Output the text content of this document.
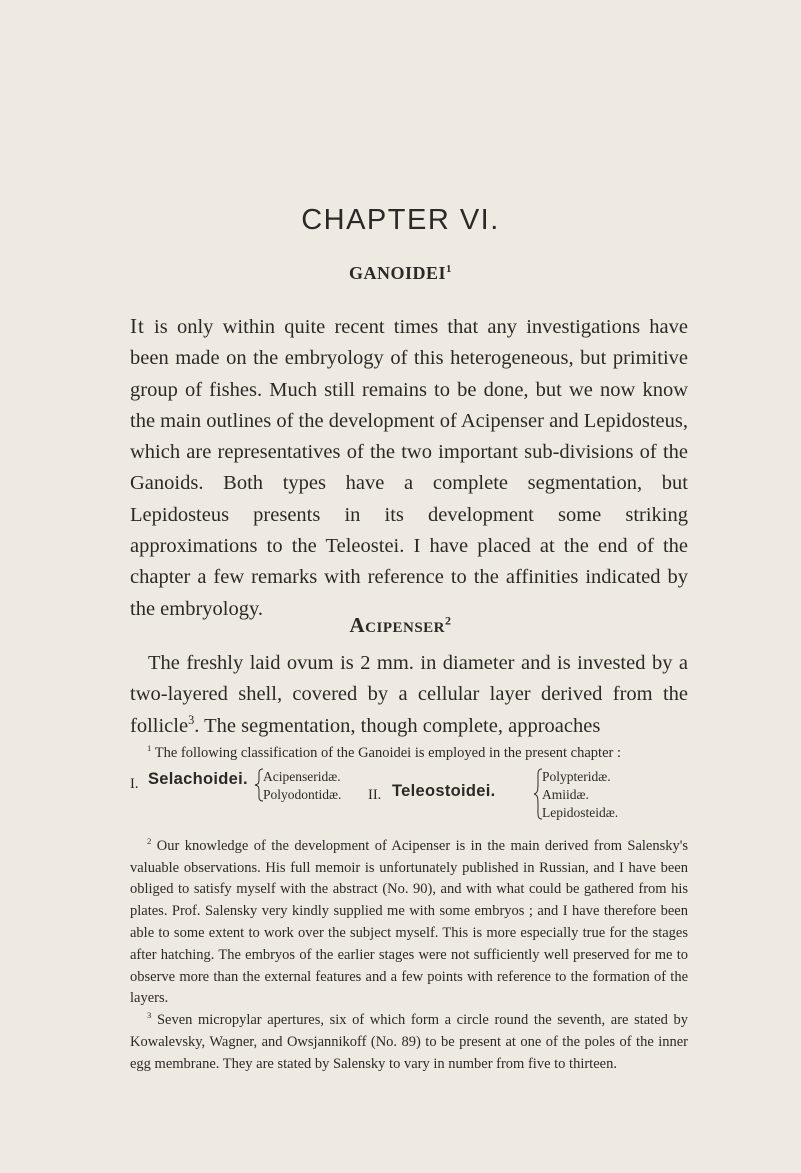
CHAPTER VI.
GANOIDEI$^1$

It is only within quite recent times that any investigations have been made on the embryology of this heterogeneous, but primitive group of fishes. Much still remains to be done, but we now know the main outlines of the development of Acipenser and Lepidosteus, which are representatives of the two important sub-divisions of the Ganoids. Both types have a complete segmentation, but Lepidosteus presents in its development some striking approximations to the Teleostei. I have placed at the end of the chapter a few remarks with reference to the affinities indicated by the embryology.

Acipenser$^2$

The freshly laid ovum is 2 mm. in diameter and is invested by a two-layered shell, covered by a cellular layer derived from the follicle$^3$. The segmentation, though complete, approaches

$^1$ The following classification of the Ganoidei is employed in the present chapter :

I. Selachoidei. Acipenseridæ.
Polyodontidæ. II. Teleostoidei.
Polypteridæ.
Amiidæ.
Lepidosteidæ.

$^2$ Our knowledge of the development of Acipenser is in the main derived from Salensky's valuable observations. His full memoir is unfortunately published in Russian, and I have been obliged to satisfy myself with the abstract (No. 90), and with what could be gathered from his plates. Prof. Salensky very kindly supplied me with some embryos ; and I have therefore been able to some extent to work over the subject myself. This is more especially true for the stages after hatching. The embryos of the earlier stages were not sufficiently well preserved for me to observe more than the external features and a few points with reference to the formation of the layers.

$^3$ Seven micropylar apertures, six of which form a circle round the seventh, are stated by Kowalevsky, Wagner, and Owsjannikoff (No. 89) to be present at one of the poles of the inner egg membrane. They are stated by Salensky to vary in number from five to thirteen.
